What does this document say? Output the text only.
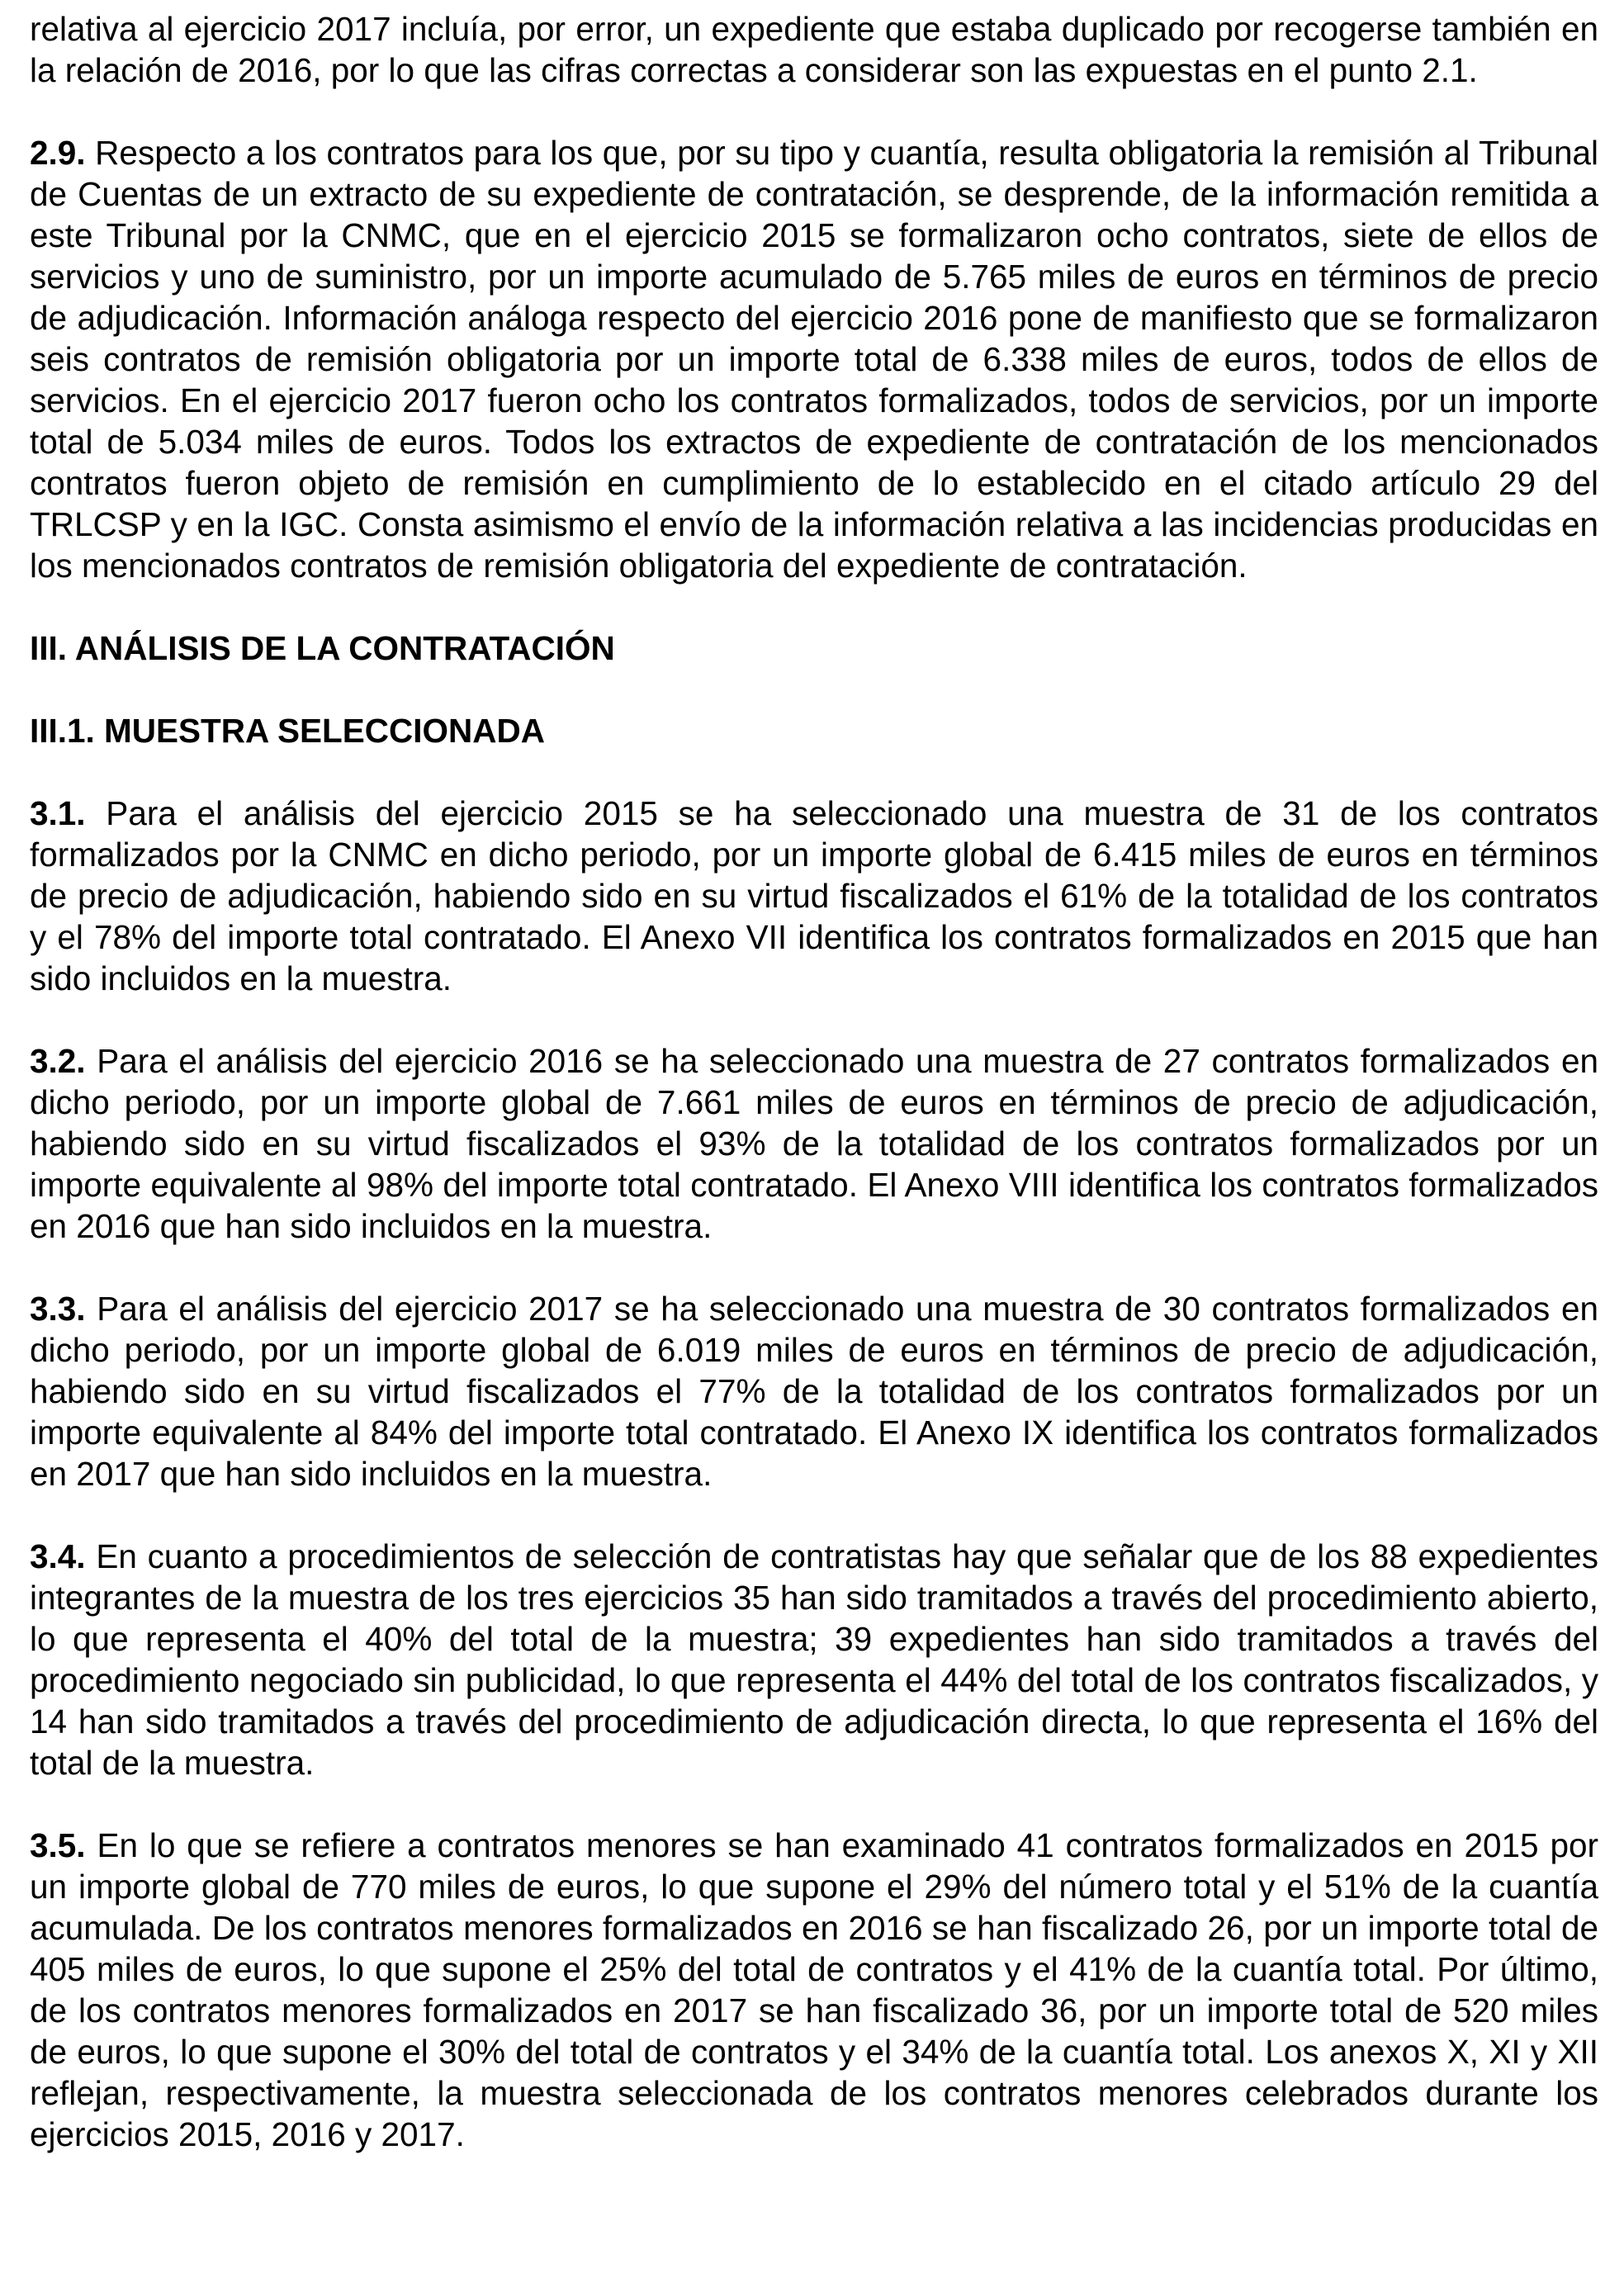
relativa al ejercicio 2017 incluía, por error, un expediente que estaba duplicado por recogerse también en la relación de 2016, por lo que las cifras correctas a considerar son las expuestas en el punto 2.1.

2.9. Respecto a los contratos para los que, por su tipo y cuantía, resulta obligatoria la remisión al Tribunal de Cuentas de un extracto de su expediente de contratación, se desprende, de la información remitida a este Tribunal por la CNMC, que en el ejercicio 2015 se formalizaron ocho contratos, siete de ellos de servicios y uno de suministro, por un importe acumulado de 5.765 miles de euros en términos de precio de adjudicación. Información análoga respecto del ejercicio 2016 pone de manifiesto que se formalizaron seis contratos de remisión obligatoria por un importe total de 6.338 miles de euros, todos de ellos de servicios. En el ejercicio 2017 fueron ocho los contratos formalizados, todos de servicios, por un importe total de 5.034 miles de euros. Todos los extractos de expediente de contratación de los mencionados contratos fueron objeto de remisión en cumplimiento de lo establecido en el citado artículo 29 del TRLCSP y en la IGC. Consta asimismo el envío de la información relativa a las incidencias producidas en los mencionados contratos de remisión obligatoria del expediente de contratación.

III. ANÁLISIS DE LA CONTRATACIÓN

III.1. MUESTRA SELECCIONADA

3.1. Para el análisis del ejercicio 2015 se ha seleccionado una muestra de 31 de los contratos formalizados por la CNMC en dicho periodo, por un importe global de 6.415 miles de euros en términos de precio de adjudicación, habiendo sido en su virtud fiscalizados el 61% de la totalidad de los contratos y el 78% del importe total contratado. El Anexo VII identifica los contratos formalizados en 2015 que han sido incluidos en la muestra.

3.2. Para el análisis del ejercicio 2016 se ha seleccionado una muestra de 27 contratos formalizados en dicho periodo, por un importe global de 7.661 miles de euros en términos de precio de adjudicación, habiendo sido en su virtud fiscalizados el 93% de la totalidad de los contratos formalizados por un importe equivalente al 98% del importe total contratado. El Anexo VIII identifica los contratos formalizados en 2016 que han sido incluidos en la muestra.

3.3. Para el análisis del ejercicio 2017 se ha seleccionado una muestra de 30 contratos formalizados en dicho periodo, por un importe global de 6.019 miles de euros en términos de precio de adjudicación, habiendo sido en su virtud fiscalizados el 77% de la totalidad de los contratos formalizados por un importe equivalente al 84% del importe total contratado. El Anexo IX identifica los contratos formalizados en 2017 que han sido incluidos en la muestra.

3.4. En cuanto a procedimientos de selección de contratistas hay que señalar que de los 88 expedientes integrantes de la muestra de los tres ejercicios 35 han sido tramitados a través del procedimiento abierto, lo que representa el 40% del total de la muestra; 39 expedientes han sido tramitados a través del procedimiento negociado sin publicidad, lo que representa el 44% del total de los contratos fiscalizados, y 14 han sido tramitados a través del procedimiento de adjudicación directa, lo que representa el 16% del total de la muestra.

3.5. En lo que se refiere a contratos menores se han examinado 41 contratos formalizados en 2015 por un importe global de 770 miles de euros, lo que supone el 29% del número total y el 51% de la cuantía acumulada. De los contratos menores formalizados en 2016 se han fiscalizado 26, por un importe total de 405 miles de euros, lo que supone el 25% del total de contratos y el 41% de la cuantía total. Por último, de los contratos menores formalizados en 2017 se han fiscalizado 36, por un importe total de 520 miles de euros, lo que supone el 30% del total de contratos y el 34% de la cuantía total. Los anexos X, XI y XII reflejan, respectivamente, la muestra seleccionada de los contratos menores celebrados durante los ejercicios 2015, 2016 y 2017.
